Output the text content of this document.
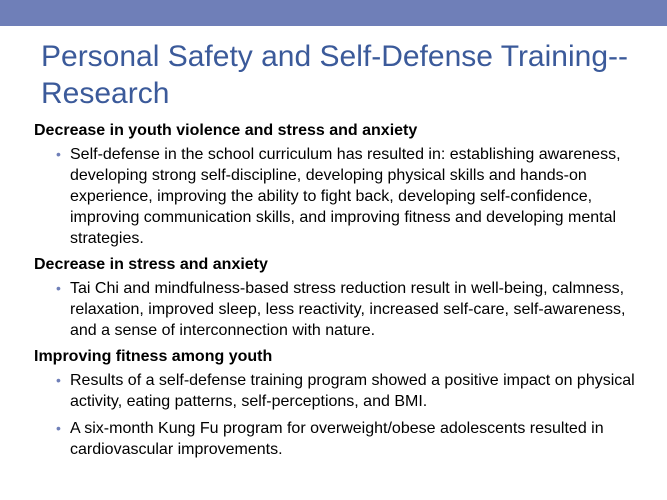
Personal Safety and Self-Defense Training--Research
Decrease in youth violence and stress and anxiety
• Self-defense in the school curriculum has resulted in: establishing awareness, developing strong self-discipline, developing physical skills and hands-on experience, improving the ability to fight back, developing self-confidence, improving communication skills, and improving fitness and developing mental strategies.
Decrease in stress and anxiety
• Tai Chi and mindfulness-based stress reduction result in well-being, calmness, relaxation, improved sleep, less reactivity, increased self-care, self-awareness, and a sense of interconnection with nature.
Improving fitness among youth
• Results of a self-defense training program showed a positive impact on physical activity, eating patterns, self-perceptions, and BMI.
• A six-month Kung Fu program for overweight/obese adolescents resulted in cardiovascular improvements.
